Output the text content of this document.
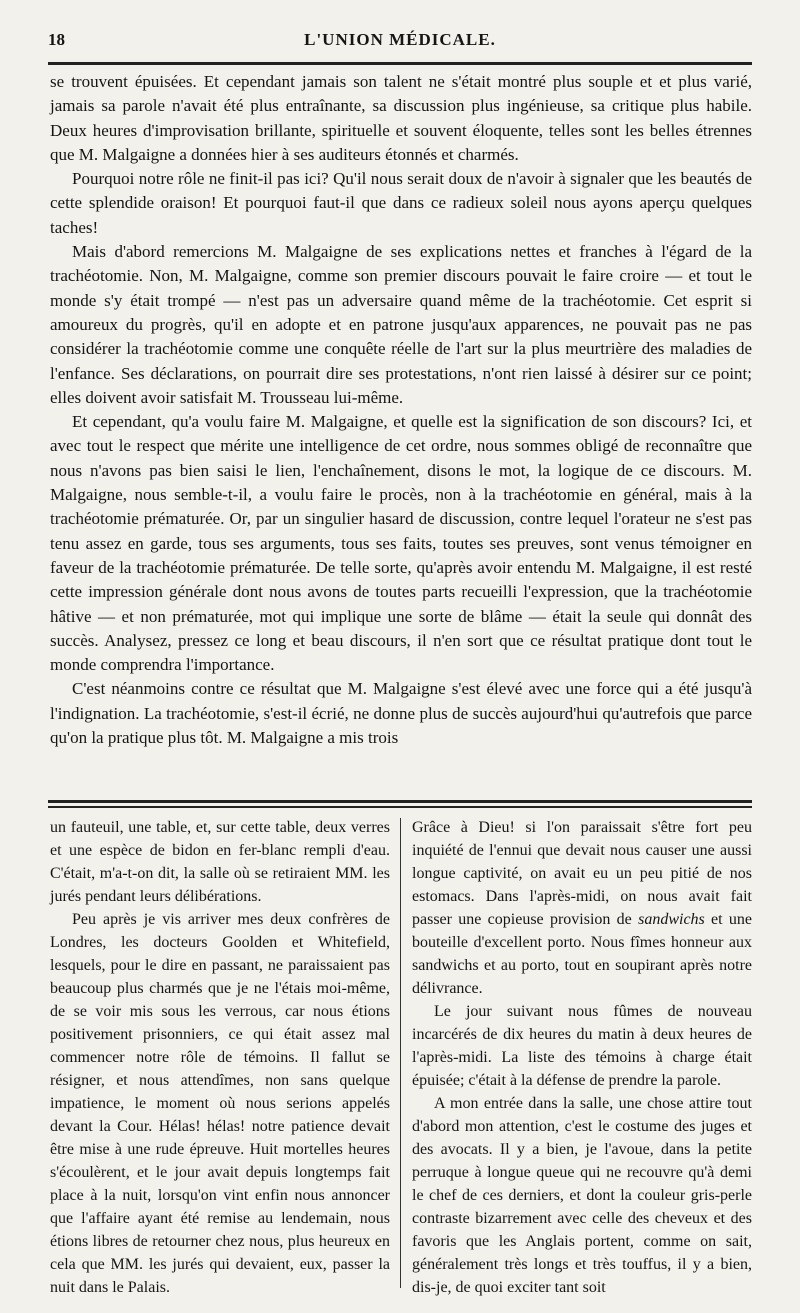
18	L'UNION MÉDICALE.

se trouvent épuisées. Et cependant jamais son talent ne s'était montré plus souple et et plus varié, jamais sa parole n'avait été plus entraînante, sa discussion plus ingénieuse, sa critique plus habile. Deux heures d'improvisation brillante, spirituelle et souvent éloquente, telles sont les belles étrennes que M. Malgaigne a données hier à ses auditeurs étonnés et charmés.

Pourquoi notre rôle ne finit-il pas ici? Qu'il nous serait doux de n'avoir à signaler que les beautés de cette splendide oraison! Et pourquoi faut-il que dans ce radieux soleil nous ayons aperçu quelques taches!

Mais d'abord remercions M. Malgaigne de ses explications nettes et franches à l'égard de la trachéotomie. Non, M. Malgaigne, comme son premier discours pouvait le faire croire — et tout le monde s'y était trompé — n'est pas un adversaire quand même de la trachéotomie. Cet esprit si amoureux du progrès, qu'il en adopte et en patrone jusqu'aux apparences, ne pouvait pas ne pas considérer la trachéotomie comme une conquête réelle de l'art sur la plus meurtrière des maladies de l'enfance. Ses déclarations, on pourrait dire ses protestations, n'ont rien laissé à désirer sur ce point; elles doivent avoir satisfait M. Trousseau lui-même.

Et cependant, qu'a voulu faire M. Malgaigne, et quelle est la signification de son discours? Ici, et avec tout le respect que mérite une intelligence de cet ordre, nous sommes obligé de reconnaître que nous n'avons pas bien saisi le lien, l'enchaînement, disons le mot, la logique de ce discours. M. Malgaigne, nous semble-t-il, a voulu faire le procès, non à la trachéotomie en général, mais à la trachéotomie prématurée. Or, par un singulier hasard de discussion, contre lequel l'orateur ne s'est pas tenu assez en garde, tous ses arguments, tous ses faits, toutes ses preuves, sont venus témoigner en faveur de la trachéotomie prématurée. De telle sorte, qu'après avoir entendu M. Malgaigne, il est resté cette impression générale dont nous avons de toutes parts recueilli l'expression, que la trachéotomie hâtive — et non prématurée, mot qui implique une sorte de blâme — était la seule qui donnât des succès. Analysez, pressez ce long et beau discours, il n'en sort que ce résultat pratique dont tout le monde comprendra l'importance.

C'est néanmoins contre ce résultat que M. Malgaigne s'est élevé avec une force qui a été jusqu'à l'indignation. La trachéotomie, s'est-il écrié, ne donne plus de succès aujourd'hui qu'autrefois que parce qu'on la pratique plus tôt. M. Malgaigne a mis trois

un fauteuil, une table, et, sur cette table, deux verres et une espèce de bidon en fer-blanc rempli d'eau. C'était, m'a-t-on dit, la salle où se retiraient MM. les jurés pendant leurs délibérations.

Peu après je vis arriver mes deux confrères de Londres, les docteurs Goolden et Whitefield, lesquels, pour le dire en passant, ne paraissaient pas beaucoup plus charmés que je ne l'étais moi-même, de se voir mis sous les verrous, car nous étions positivement prisonniers, ce qui était assez mal commencer notre rôle de témoins. Il fallut se résigner, et nous attendîmes, non sans quelque impatience, le moment où nous serions appelés devant la Cour. Hélas! hélas! notre patience devait être mise à une rude épreuve. Huit mortelles heures s'écoulèrent, et le jour avait depuis longtemps fait place à la nuit, lorsqu'on vint enfin nous annoncer que l'affaire ayant été remise au lendemain, nous étions libres de retourner chez nous, plus heureux en cela que MM. les jurés qui devaient, eux, passer la nuit dans le Palais.

Grâce à Dieu! si l'on paraissait s'être fort peu inquiété de l'ennui que devait nous causer une aussi longue captivité, on avait eu un peu pitié de nos estomacs. Dans l'après-midi, on nous avait fait passer une copieuse provision de sandwichs et une bouteille d'excellent porto. Nous fîmes honneur aux sandwichs et au porto, tout en soupirant après notre délivrance.

Le jour suivant nous fûmes de nouveau incarcérés de dix heures du matin à deux heures de l'après-midi. La liste des témoins à charge était épuisée; c'était à la défense de prendre la parole.

A mon entrée dans la salle, une chose attire tout d'abord mon attention, c'est le costume des juges et des avocats. Il y a bien, je l'avoue, dans la petite perruque à longue queue qui ne recouvre qu'à demi le chef de ces derniers, et dont la couleur gris-perle contraste bizarrement avec celle des cheveux et des favoris que les Anglais portent, comme on sait, généralement très longs et très touffus, il y a bien, dis-je, de quoi exciter tant soit
